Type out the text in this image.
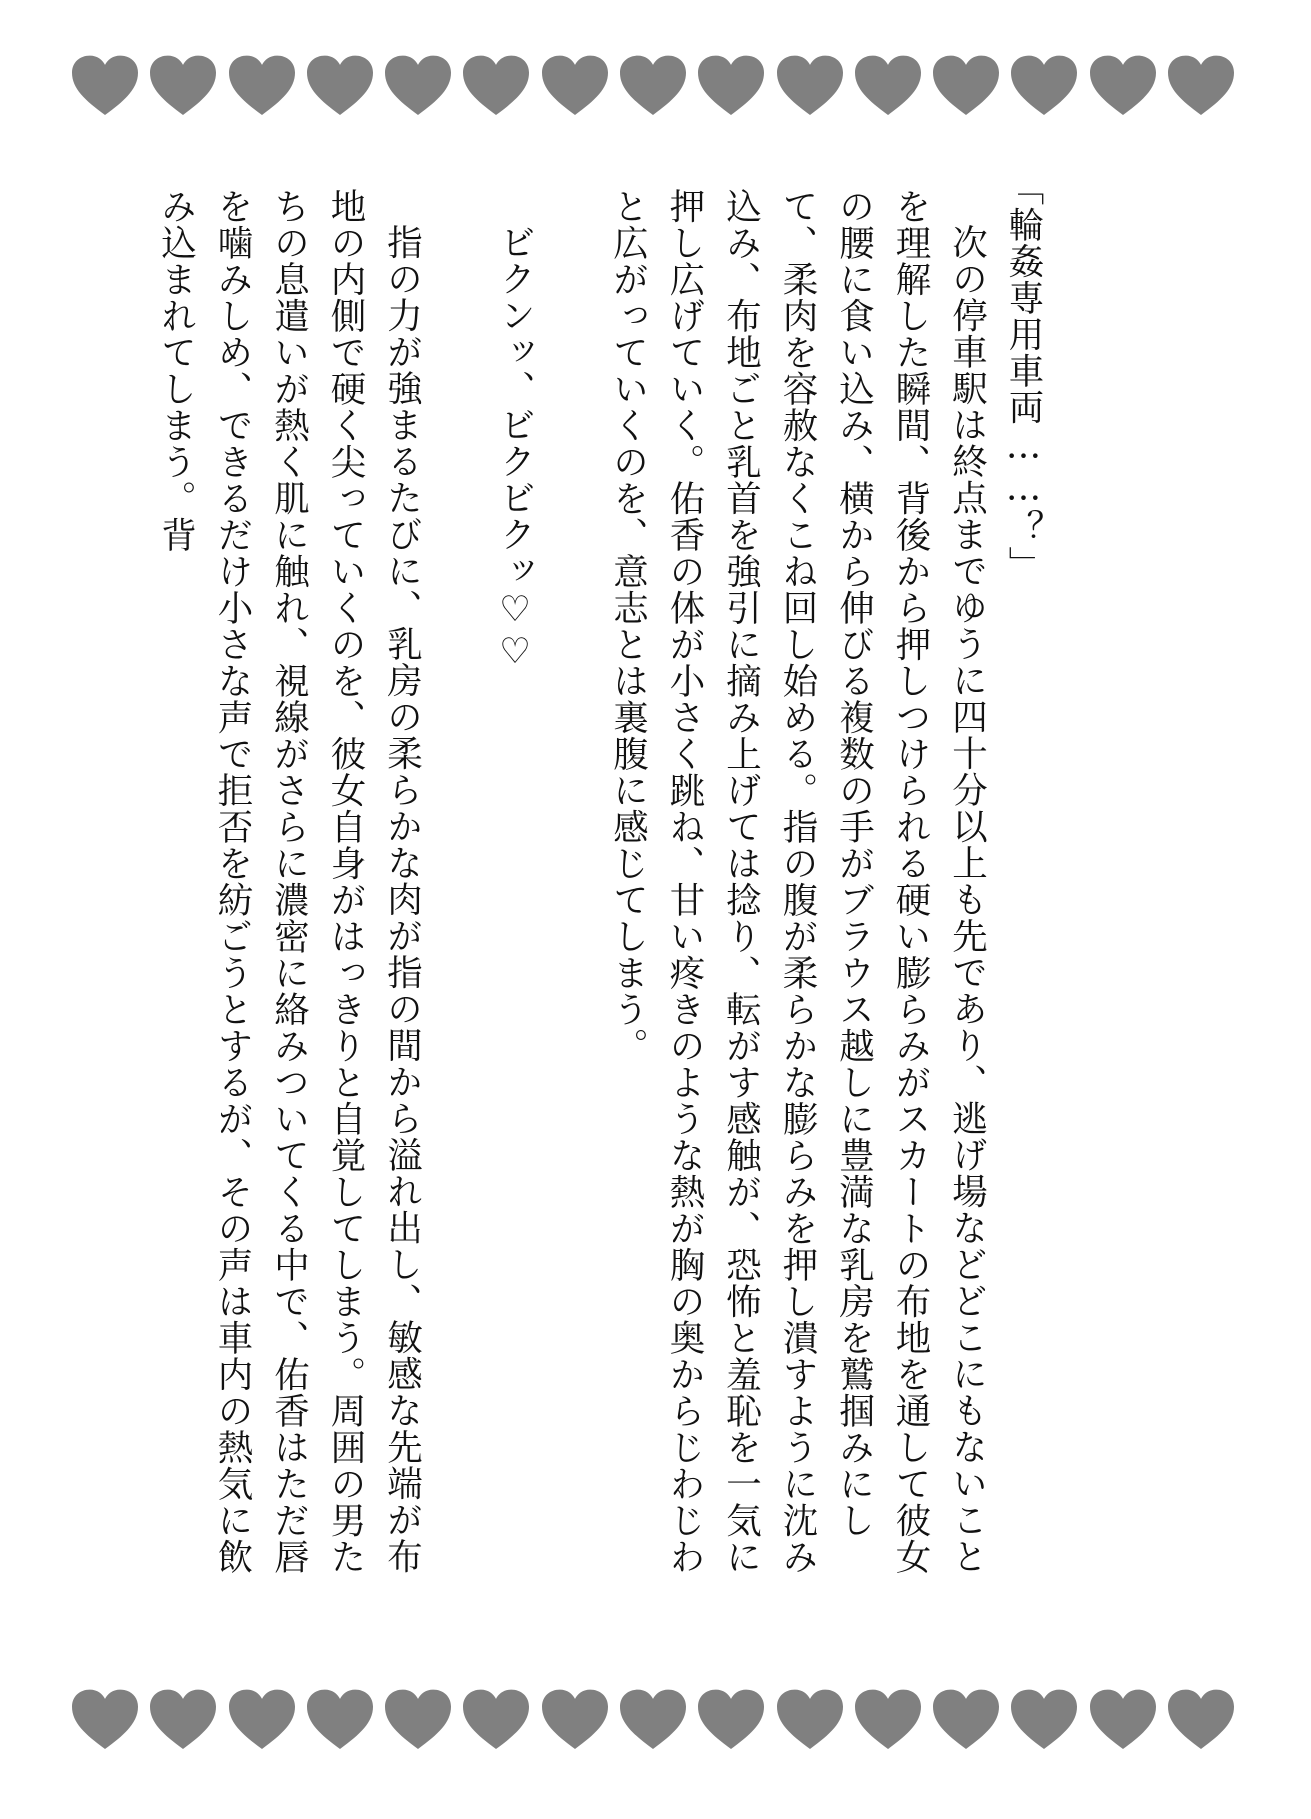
「輪姦専用車両……？」

次の停車駅は終点までゆうに四十分以上も先であり、逃げ場などどこにもないことを理解した瞬間、背後から押しつけられる硬い膨らみがスカートの布地を通して彼女の腰に食い込み、横から伸びる複数の手がブラウス越しに豊満な乳房を鷲掴みにして、柔肉を容赦なくこね回し始める。指の腹が柔らかな膨らみを押し潰すように沈み込み、布地ごと乳首を強引に摘み上げては捻り、転がす感触が、恐怖と羞恥を一気に押し広げていく。佑香の体が小さく跳ね、甘い疼きのような熱が胸の奥からじわじわと広がっていくのを、意志とは裏腹に感じてしまう。

ビクンッ、ビクビクッ♡♡

指の力が強まるたびに、乳房の柔らかな肉が指の間から溢れ出し、敏感な先端が布地の内側で硬く尖っていくのを、彼女自身がはっきりと自覚してしまう。周囲の男たちの息遣いが熱く肌に触れ、視線がさらに濃密に絡みついてくる中で、佑香はただ唇を噛みしめ、できるだけ小さな声で拒否を紡ごうとするが、その声は車内の熱気に飲み込まれてしまう。背
